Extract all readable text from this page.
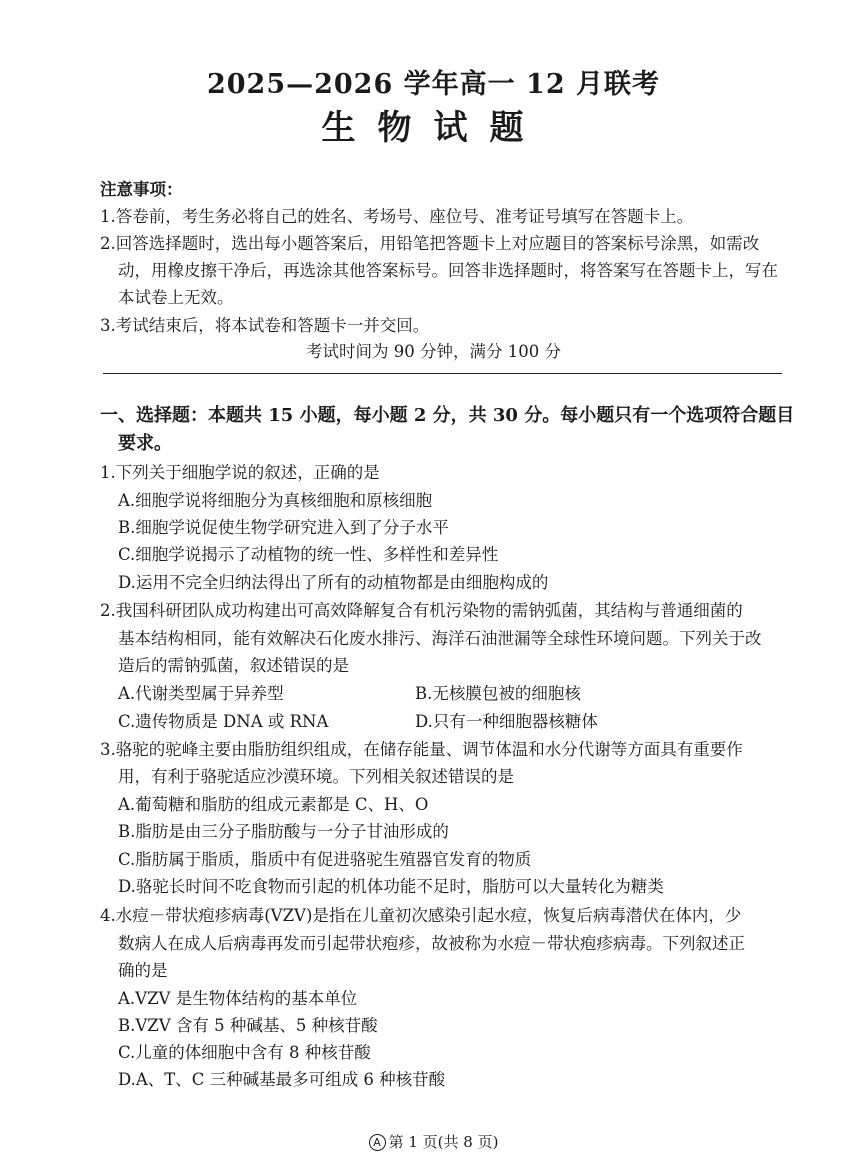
2025—2026 学年高一 12 月联考
生物试题
注意事项：
1.答卷前，考生务必将自己的姓名、考场号、座位号、准考证号填写在答题卡上。
2.回答选择题时，选出每小题答案后，用铅笔把答题卡上对应题目的答案标号涂黑，如需改
动，用橡皮擦干净后，再选涂其他答案标号。回答非选择题时，将答案写在答题卡上，写在
本试卷上无效。
3.考试结束后，将本试卷和答题卡一并交回。
考试时间为 90 分钟，满分 100 分
一、选择题：本题共 15 小题，每小题 2 分，共 30 分。每小题只有一个选项符合题目
要求。
1.下列关于细胞学说的叙述，正确的是
A.细胞学说将细胞分为真核细胞和原核细胞
B.细胞学说促使生物学研究进入到了分子水平
C.细胞学说揭示了动植物的统一性、多样性和差异性
D.运用不完全归纳法得出了所有的动植物都是由细胞构成的
2.我国科研团队成功构建出可高效降解复合有机污染物的需钠弧菌，其结构与普通细菌的
基本结构相同，能有效解决石化废水排污、海洋石油泄漏等全球性环境问题。下列关于改
造后的需钠弧菌，叙述错误的是
A.代谢类型属于异养型	B.无核膜包被的细胞核
C.遗传物质是 DNA 或 RNA	D.只有一种细胞器核糖体
3.骆驼的驼峰主要由脂肪组织组成，在储存能量、调节体温和水分代谢等方面具有重要作
用，有利于骆驼适应沙漠环境。下列相关叙述错误的是
A.葡萄糖和脂肪的组成元素都是 C、H、O
B.脂肪是由三分子脂肪酸与一分子甘油形成的
C.脂肪属于脂质，脂质中有促进骆驼生殖器官发育的物质
D.骆驼长时间不吃食物而引起的机体功能不足时，脂肪可以大量转化为糖类
4.水痘－带状疱疹病毒(VZV)是指在儿童初次感染引起水痘，恢复后病毒潜伏在体内，少
数病人在成人后病毒再发而引起带状疱疹，故被称为水痘－带状疱疹病毒。下列叙述正
确的是
A.VZV 是生物体结构的基本单位
B.VZV 含有 5 种碱基、5 种核苷酸
C.儿童的体细胞中含有 8 种核苷酸
D.A、T、C 三种碱基最多可组成 6 种核苷酸
A 第 1 页(共 8 页)
